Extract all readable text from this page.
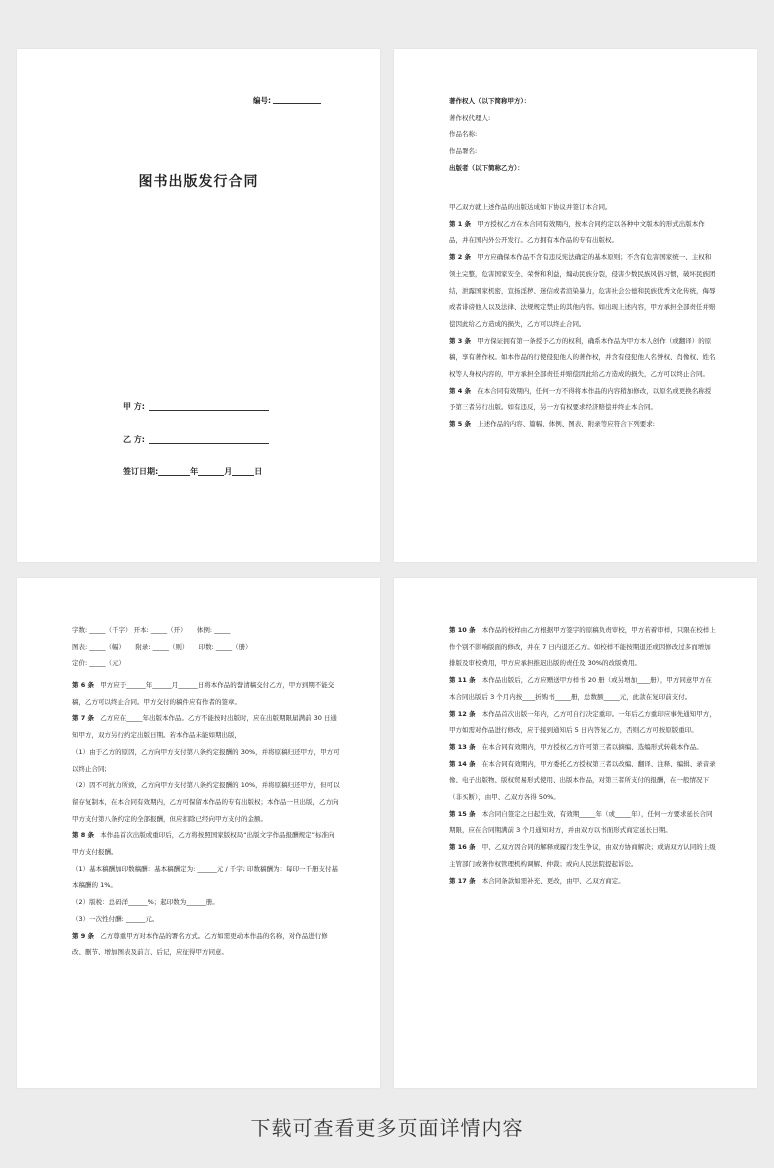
编号:
图书出版发行合同
甲 方:
乙 方:
签订日期:	年	月	日

著作权人（以下简称甲方）：

著作权代理人:

作品名称:

作品署名:

出版者（以下简称乙方）：

甲乙双方就上述作品的出版达成如下协议并签订本合同。

第 1 条 甲方授权乙方在本合同有效期内，按本合同约定以各种中文版本的形式出版本作品，并在国内外公开发行。乙方拥有本作品的专有出版权。

第 2 条 甲方应确保本作品不含有违反宪法确定的基本原则；不含有危害国家统一、主权和领土完整，危害国家安全、荣誉和利益，煽动民族分裂，侵害少数民族风俗习惯，破坏民族团结，泄露国家机密，宣扬淫秽、迷信或者渲染暴力，危害社会公德和民族优秀文化传统，侮辱或者诽谤他人以及法律、法规规定禁止的其他内容。如出现上述内容，甲方承担全部责任并赔偿因此给乙方造成的损失，乙方可以终止合同。

第 3 条 甲方保证拥有第一条授予乙方的权利，确系本作品为甲方本人创作（或翻译）的原稿，享有著作权。如本作品的行使侵犯他人的著作权，并含有侵犯他人名誉权、肖像权、姓名权等人身权内容的，甲方承担全部责任并赔偿因此给乙方造成的损失，乙方可以终止合同。

第 4 条 在本合同有效期内，任何一方不得将本作品的内容稍加修改，以原名或更换名称授予第三者另行出版。如有违反，另一方有权要求经济赔偿并终止本合同。

第 5 条 上述作品的内容、篇幅、体例、图表、附录等应符合下列要求:

字数: _____（千字） 开本: _____（开）     体例: _____

图表: _____（幅）     附录: _____（则）     印数: _____（册）

定价: _____（元）

第 6 条 甲方应于______年______月______日将本作品的誊清稿交付乙方，甲方到期不能交稿，乙方可以终止合同。甲方交付的稿件应有作者的签章。

第 7 条 乙方应在_____年出版本作品。乙方不能按时出版时，应在出版期限届满前 30 日通知甲方，双方另行约定出版日期。若本作品未能如期出版，

（1）由于乙方的原因，乙方向甲方支付第八条约定报酬的 30%，并将原稿归还甲方，甲方可以终止合同;

（2）因不可抗力所致，乙方向甲方支付第八条约定报酬的 10%，并将原稿归还甲方，但可以留存复制本，在本合同有效期内，乙方可保留本作品的专有出版权；本作品一旦出版，乙方向甲方支付第八条约定的全部报酬，但应扣除已经向甲方支付的金额。

第 8 条 本作品首次出版或重印后，乙方将按照国家版权局“出版文字作品报酬规定”标准向甲方支付报酬。

（1）基本稿酬加印数稿酬：基本稿酬定为: ______元 / 千字; 印数稿酬为：每印一千册支付基本稿酬的 1%。

（2）版税：总码洋______%；起印数为______册。

（3）一次性付酬: ______元。

第 9 条 乙方尊重甲方对本作品的署名方式。乙方如需更动本作品的名称，对作品进行修改、删节、增加图表及前言、后记，应征得甲方同意。

第 10 条 本作品的校样由乙方根据甲方签字的原稿负责审校，甲方若着审样，只限在校样上作个别不影响版面的修改，并在 7 日内退还乙方。如校样不能按期退还或因修改过多而增加排版及审校费用，甲方应承担推迟出版的责任及 30%的改版费用。

第 11 条 本作品出版后，乙方应赠送甲方样书 20 册（或另增加____册），甲方同意甲方在本合同出版后 3 个月内按____折购书_____册，总数额_____元，此款在复印前支付。

第 12 条 本作品首次出版一年内，乙方可自行决定重印。一年后乙方重印应事先通知甲方，甲方如需对作品进行修改，应于接到通知后 5 日内答复乙方，否则乙方可按原版重印。

第 13 条 在本合同有效期内，甲方授权乙方许可第三者以摘编、选编形式转载本作品。

第 14 条 在本合同有效期内，甲方委托乙方授权第三者以改编、翻译、注释、编辑、录音录像、电子出版物、版权贸易形式使用、出版本作品，对第三者所支付的报酬，在一般情况下（非买断），由甲、乙双方各得 50%。

第 15 条 本合同自签定之日起生效，有效期_____年（或_____年），任何一方要求延长合同期限，应在合同期满前 3 个月通知对方，并由双方以书面形式商定延长日期。

第 16 条 甲、乙双方因合同的解释或履行发生争议，由双方协商解决；或请双方认同的上级主管部门或著作权管理机构调解、仲裁；或向人民法院提起诉讼。

第 17 条 本合同条款如需补充、更改，由甲、乙双方商定。

下载可查看更多页面详情内容
